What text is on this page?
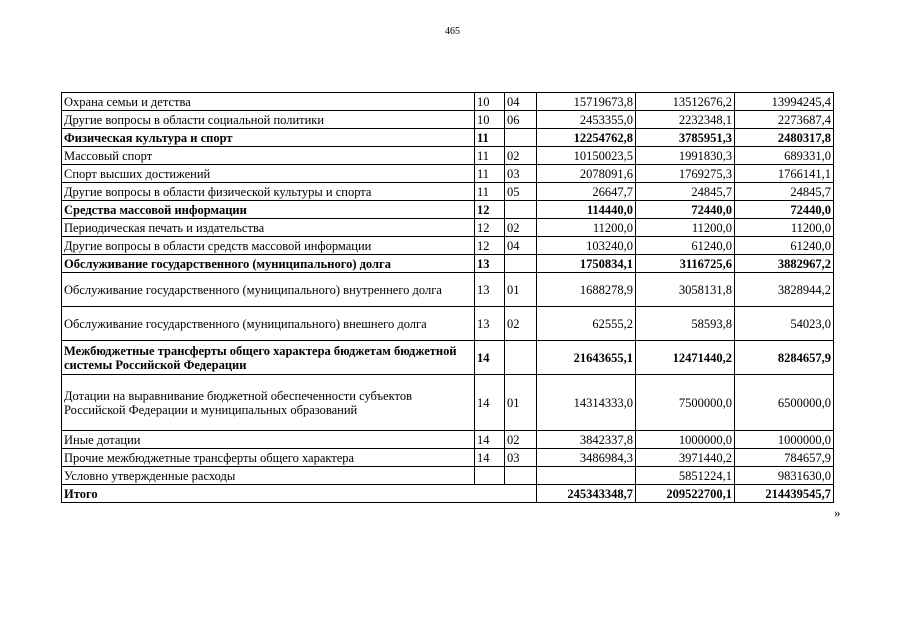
465
Охрана семьи и детства	10	04	15719673,8	13512676,2	13994245,4
Другие вопросы в области социальной политики	10	06	2453355,0	2232348,1	2273687,4
Физическая культура и спорт	11		12254762,8	3785951,3	2480317,8
Массовый спорт	11	02	10150023,5	1991830,3	689331,0
Спорт высших достижений	11	03	2078091,6	1769275,3	1766141,1
Другие вопросы в области физической культуры и спорта	11	05	26647,7	24845,7	24845,7
Средства массовой информации	12		114440,0	72440,0	72440,0
Периодическая печать и издательства	12	02	11200,0	11200,0	11200,0
Другие вопросы в области средств массовой информации	12	04	103240,0	61240,0	61240,0
Обслуживание государственного (муниципального) долга	13		1750834,1	3116725,6	3882967,2
Обслуживание государственного (муниципального) внутреннего долга	13	01	1688278,9	3058131,8	3828944,2
Обслуживание государственного (муниципального) внешнего долга	13	02	62555,2	58593,8	54023,0
Межбюджетные трансферты общего характера бюджетам бюджетной системы Российской Федерации	14		21643655,1	12471440,2	8284657,9
Дотации на выравнивание бюджетной обеспеченности субъектов Российской Федерации и муниципальных образований	14	01	14314333,0	7500000,0	6500000,0
Иные дотации	14	02	3842337,8	1000000,0	1000000,0
Прочие межбюджетные трансферты общего характера	14	03	3486984,3	3971440,2	784657,9
Условно утвержденные расходы				5851224,1	9831630,0
Итого			245343348,7	209522700,1	214439545,7
»
